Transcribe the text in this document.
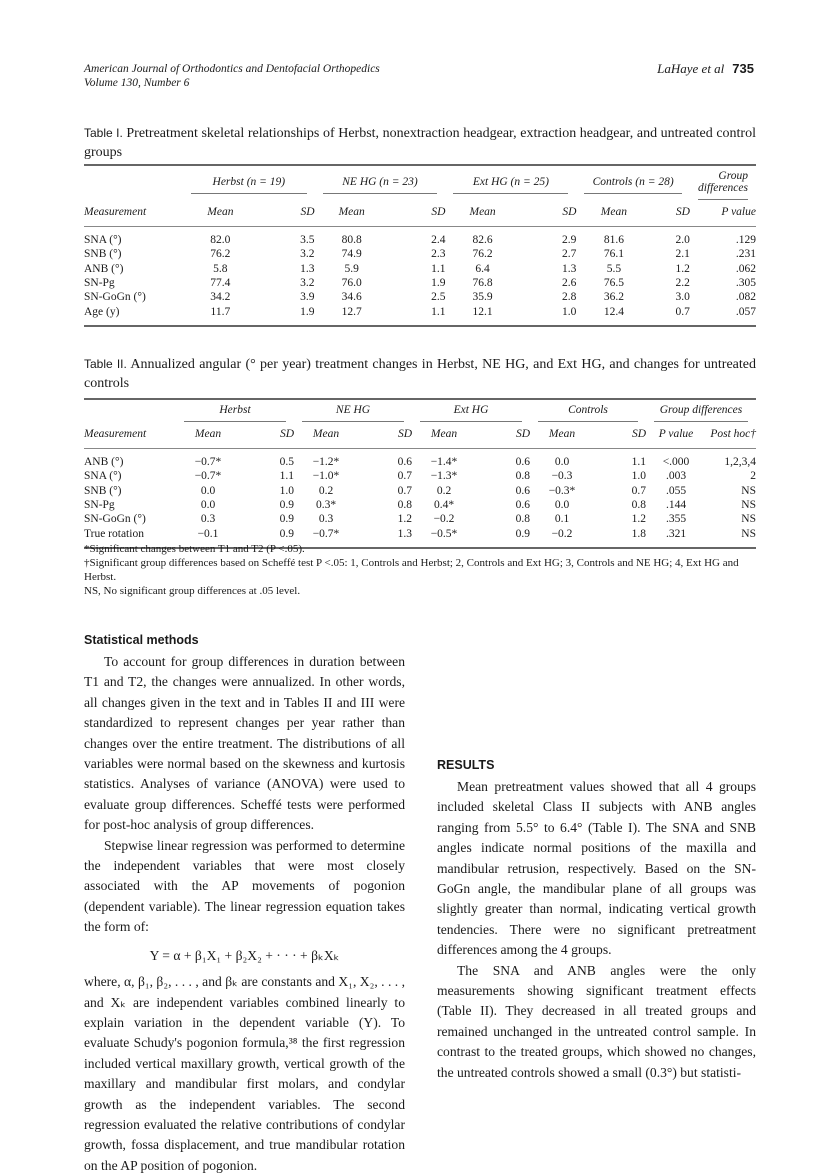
American Journal of Orthodontics and Dentofacial Orthopedics
Volume 130, Number 6
LaHaye et al 735
Table I. Pretreatment skeletal relationships of Herbst, nonextraction headgear, extraction headgear, and untreated control groups

	Herbst (n = 19)		NE HG (n = 23)		Ext HG (n = 25)		Controls (n = 28)		Group differences

Measurement	Mean	SD	Mean	SD	Mean	SD	Mean	SD	P value
SNA (°)	82.0	3.5	80.8	2.4	82.6	2.9	81.6	2.0	.129
SNB (°)	76.2	3.2	74.9	2.3	76.2	2.7	76.1	2.1	.231
ANB (°)	5.8	1.3	5.9	1.1	6.4	1.3	5.5	1.2	.062
SN-Pg	77.4	3.2	76.0	1.9	76.8	2.6	76.5	2.2	.305
SN-GoGn (°)	34.2	3.9	34.6	2.5	35.9	2.8	36.2	3.0	.082
Age (y)	11.7	1.9	12.7	1.1	12.1	1.0	12.4	0.7	.057
Table II. Annualized angular (° per year) treatment changes in Herbst, NE HG, and Ext HG, and changes for untreated controls

	Herbst		NE HG		Ext HG		Controls		Group differences	

Measurement	Mean	SD	Mean	SD	Mean	SD	Mean	SD	P value	Post hoc†
ANB (°)	−0.7*	0.5	−1.2*	0.6	−1.4*	0.6	0.0	1.1	<.000	1,2,3,4
SNA (°)	−0.7*	1.1	−1.0*	0.7	−1.3*	0.8	−0.3	1.0	.003	2
SNB (°)	0.0	1.0	0.2	0.7	0.2	0.6	−0.3*	0.7	.055	NS
SN-Pg	0.0	0.9	0.3*	0.8	0.4*	0.6	0.0	0.8	.144	NS
SN-GoGn (°)	0.3	0.9	0.3	1.2	−0.2	0.8	0.1	1.2	.355	NS
True rotation	−0.1	0.9	−0.7*	1.3	−0.5*	0.9	−0.2	1.8	.321	NS
*Significant changes between T1 and T2 (P <.05).
†Significant group differences based on Scheffé test P <.05: 1, Controls and Herbst; 2, Controls and Ext HG; 3, Controls and NE HG; 4, Ext HG and Herbst.
NS, No significant group differences at .05 level.
Statistical methods

To account for group differences in duration between T1 and T2, the changes were annualized. In other words, all changes given in the text and in Tables II and III were standardized to represent changes per year rather than changes over the entire treatment. The distributions of all variables were normal based on the skewness and kurtosis statistics. Analyses of variance (ANOVA) were used to evaluate group differences. Scheffé tests were performed for post-hoc analysis of group differences.

Stepwise linear regression was performed to determine the independent variables that were most closely associated with the AP movements of pogonion (dependent variable). The linear regression equation takes the form of:

Y = α + β₁X₁ + β₂X₂ + · · · + βₖXₖ

where, α, β₁, β₂, . . . , and βₖ are constants and X₁, X₂, . . . , and Xₖ are independent variables combined linearly to explain variation in the dependent variable (Y). To evaluate Schudy's pogonion formula,³⁸ the first regression included vertical maxillary growth, vertical growth of the maxillary and mandibular first molars, and condylar growth as the independent variables. The second regression evaluated the relative contributions of condylar growth, fossa displacement, and true mandibular rotation on the AP position of pogonion.

RESULTS

Mean pretreatment values showed that all 4 groups included skeletal Class II subjects with ANB angles ranging from 5.5° to 6.4° (Table I). The SNA and SNB angles indicate normal positions of the maxilla and mandibular retrusion, respectively. Based on the SN-GoGn angle, the mandibular plane of all groups was slightly greater than normal, indicating vertical growth tendencies. There were no significant pretreatment differences among the 4 groups.

The SNA and ANB angles were the only measurements showing significant treatment effects (Table II). They decreased in all treated groups and remained unchanged in the untreated control sample. In contrast to the treated groups, which showed no changes, the untreated controls showed a small (0.3°) but statisti-
